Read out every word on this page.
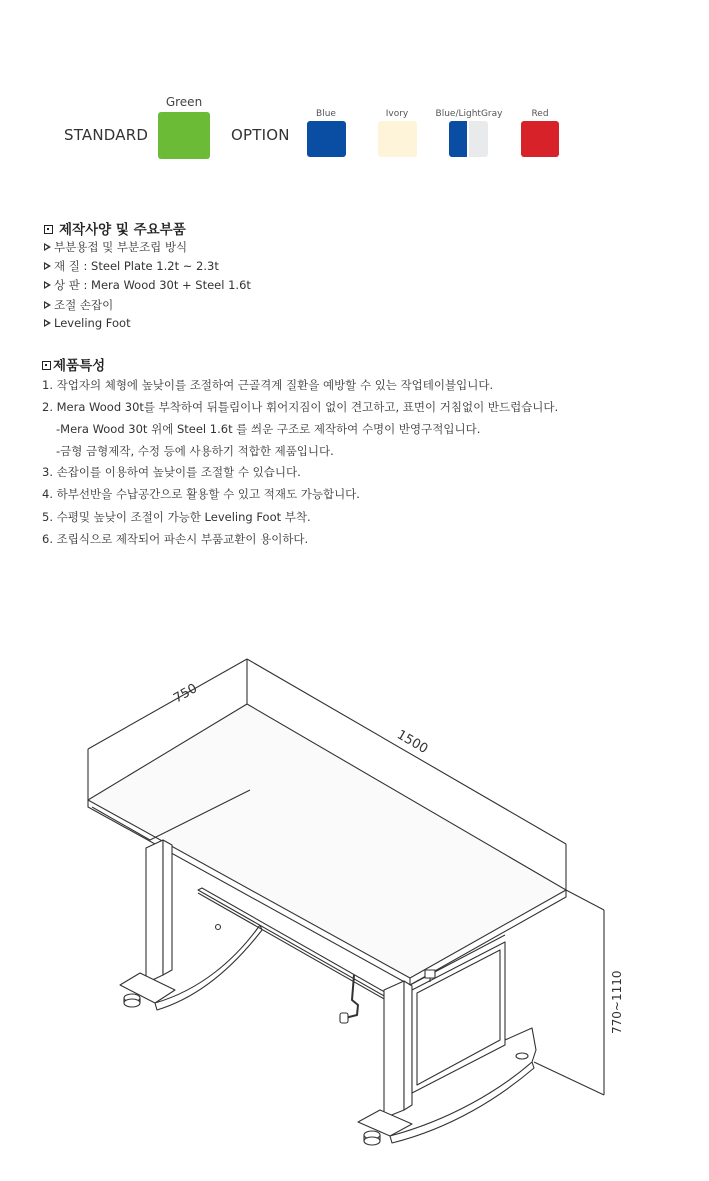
STANDARD
Green
OPTION
Blue	Ivory	Blue/LightGray	Red
제작사양 및 주요부품
부분용접 및 부분조립 방식
재 질 : Steel Plate 1.2t ~ 2.3t
상 판 : Mera Wood 30t + Steel 1.6t
조절 손잡이
Leveling Foot
제품특성
1. 작업자의 체형에 높낮이를 조절하여 근골격계 질환을 예방할 수 있는 작업테이블입니다.
2. Mera Wood 30t를 부착하여 뒤틀림이나 휘어지짐이 없이 견고하고, 표면이 거침없이 반드럽습니다.
-Mera Wood 30t 위에 Steel 1.6t 를 씌운 구조로 제작하여 수명이 반영구적입니다.
-금형 금형제작, 수정 등에 사용하기 적합한 제품입니다.
3. 손잡이를 이용하여 높낮이를 조절할 수 있습니다.
4. 하부선반을 수납공간으로 활용할 수 있고 적재도 가능합니다.
5. 수평및 높낮이 조절이 가능한 Leveling Foot 부착.
6. 조립식으로 제작되어 파손시 부품교환이 용이하다.
750
1500
770~1110
